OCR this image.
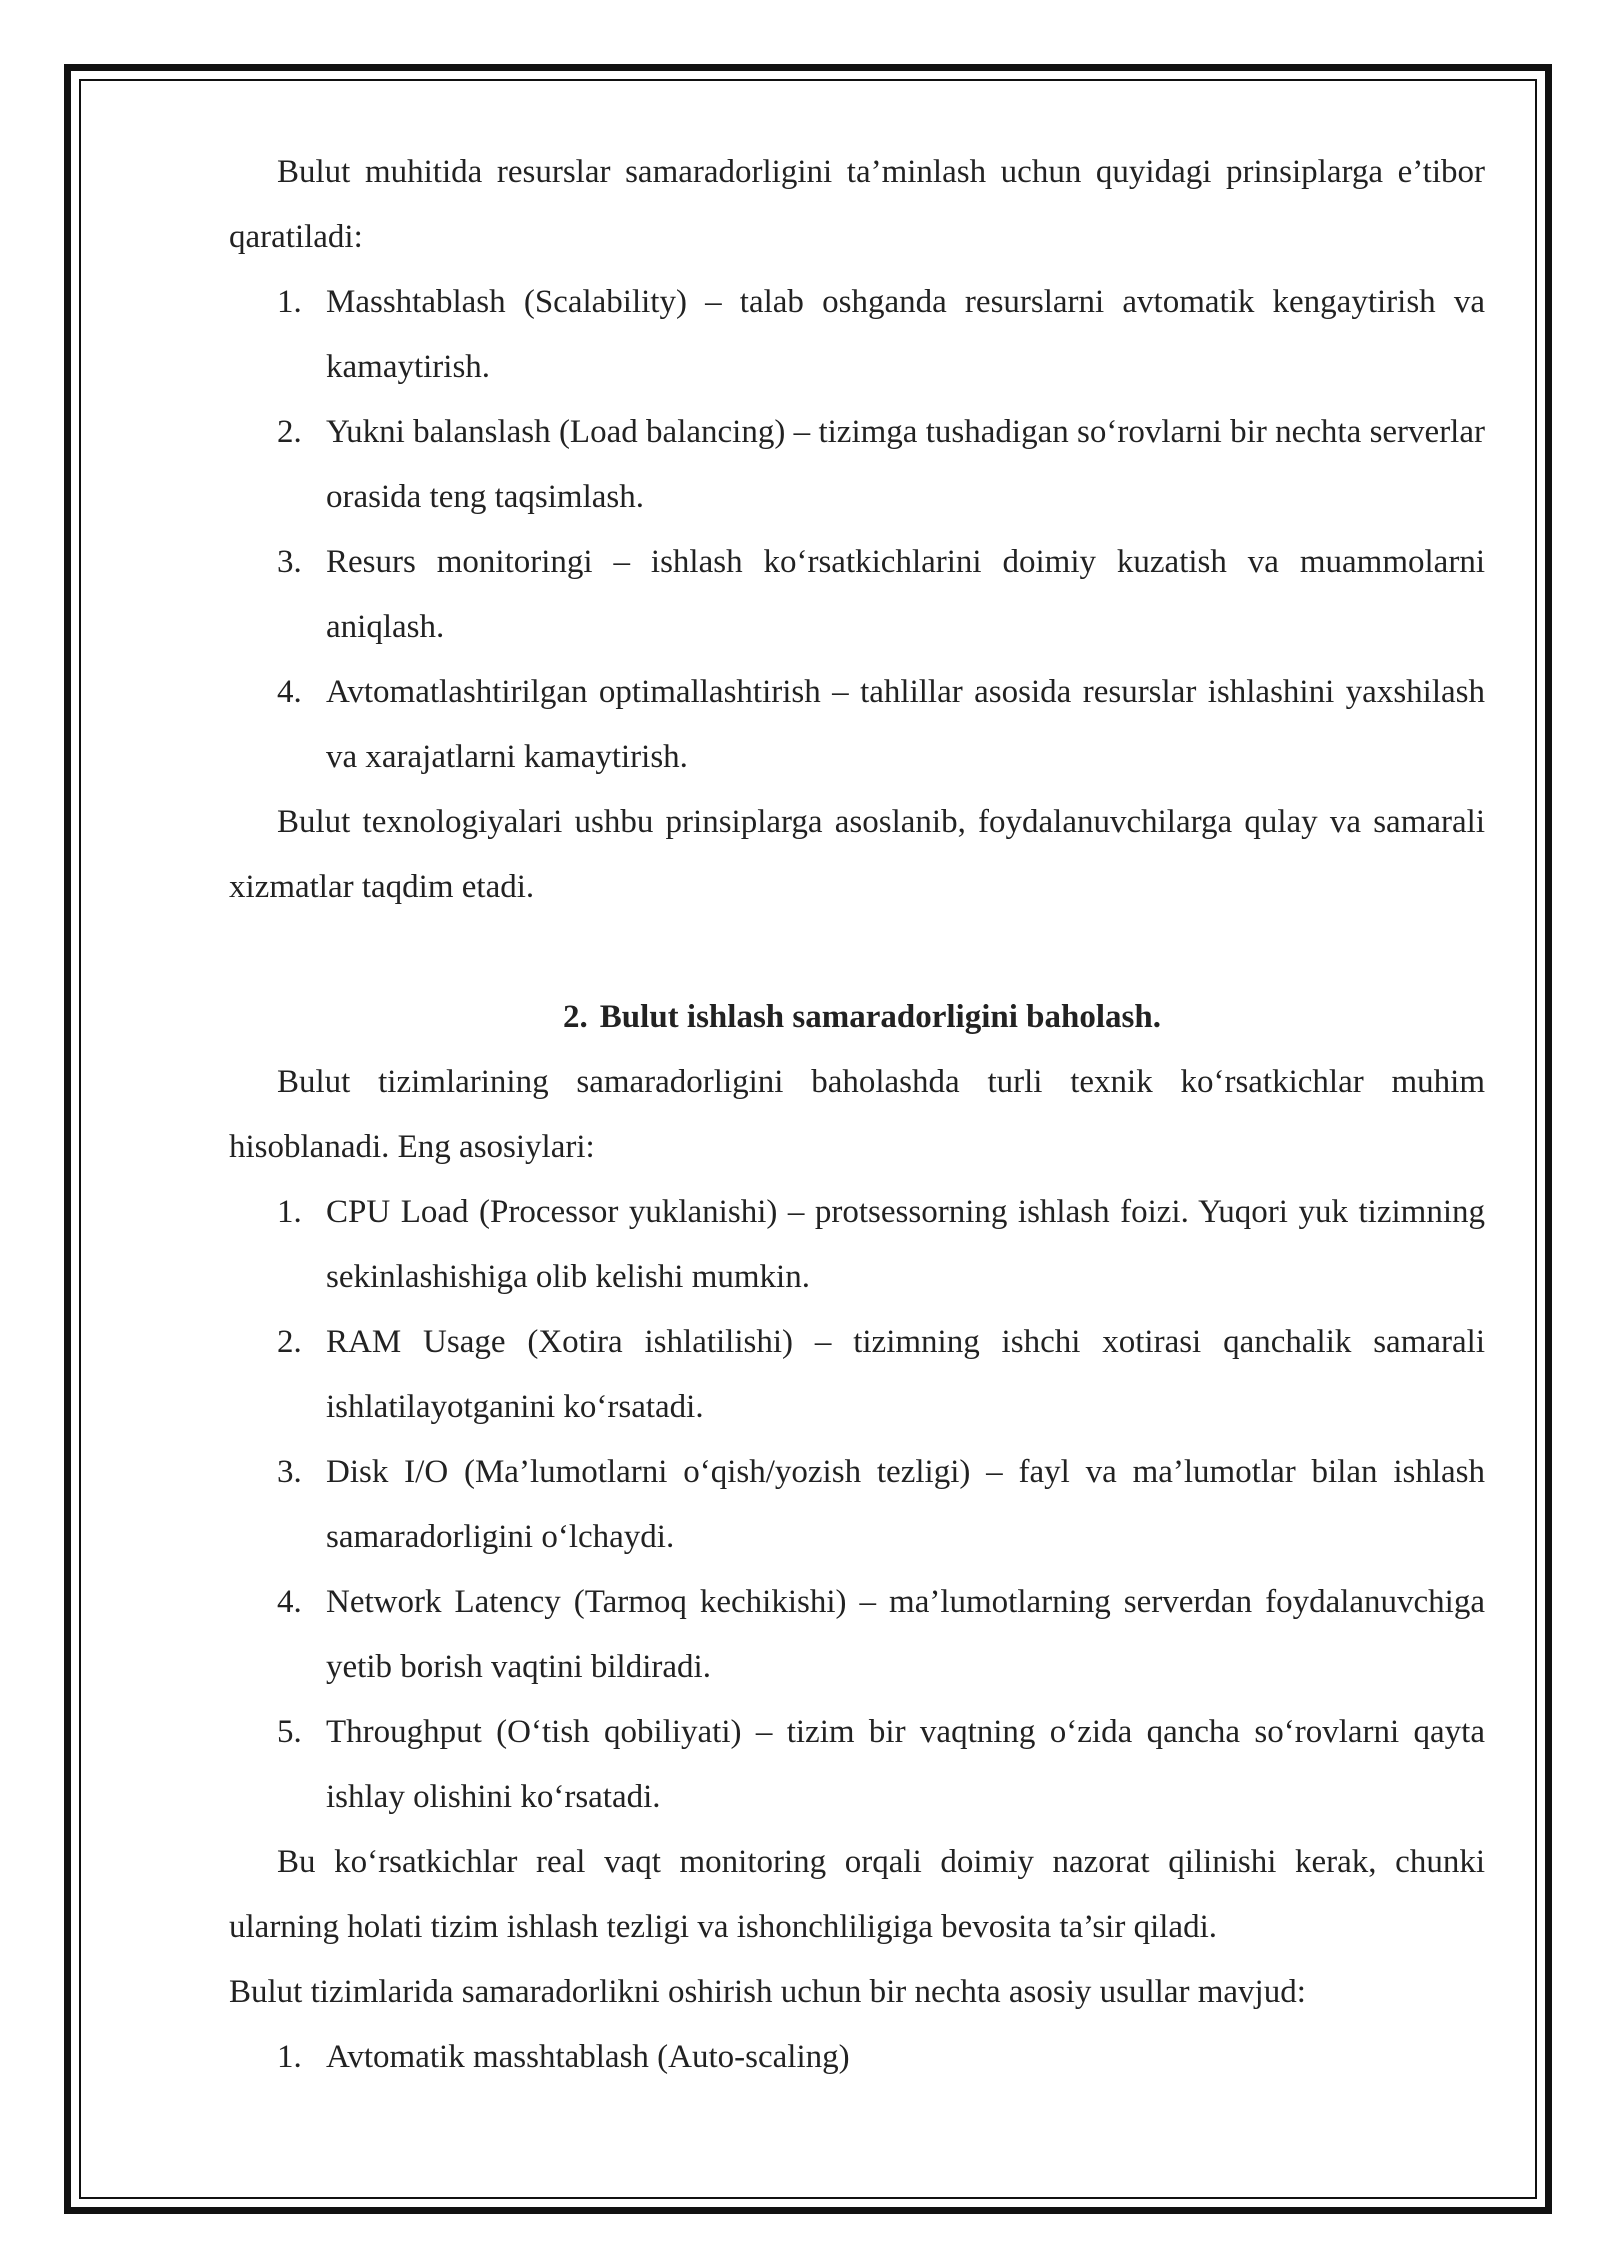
Bulut muhitida resurslar samaradorligini ta’minlash uchun quyidagi prinsiplarga e’tibor qaratiladi:

1. Masshtablash (Scalability) – talab oshganda resurslarni avtomatik kengaytirish va kamaytirish.
2. Yukni balanslash (Load balancing) – tizimga tushadigan so‘rovlarni bir nechta serverlar orasida teng taqsimlash.
3. Resurs monitoringi – ishlash ko‘rsatkichlarini doimiy kuzatish va muammolarni aniqlash.
4. Avtomatlashtirilgan optimallashtirish – tahlillar asosida resurslar ishlashini yaxshilash va xarajatlarni kamaytirish.

Bulut texnologiyalari ushbu prinsiplarga asoslanib, foydalanuvchilarga qulay va samarali xizmatlar taqdim etadi.

2. Bulut ishlash samaradorligini baholash.

Bulut tizimlarining samaradorligini baholashda turli texnik ko‘rsatkichlar muhim hisoblanadi. Eng asosiylari:

1. CPU Load (Processor yuklanishi) – protsessorning ishlash foizi. Yuqori yuk tizimning sekinlashishiga olib kelishi mumkin.
2. RAM Usage (Xotira ishlatilishi) – tizimning ishchi xotirasi qanchalik samarali ishlatilayotganini ko‘rsatadi.
3. Disk I/O (Ma’lumotlarni o‘qish/yozish tezligi) – fayl va ma’lumotlar bilan ishlash samaradorligini o‘lchaydi.
4. Network Latency (Tarmoq kechikishi) – ma’lumotlarning serverdan foydalanuvchiga yetib borish vaqtini bildiradi.
5. Throughput (O‘tish qobiliyati) – tizim bir vaqtning o‘zida qancha so‘rovlarni qayta ishlay olishini ko‘rsatadi.

Bu ko‘rsatkichlar real vaqt monitoring orqali doimiy nazorat qilinishi kerak, chunki ularning holati tizim ishlash tezligi va ishonchliligiga bevosita ta’sir qiladi.

Bulut tizimlarida samaradorlikni oshirish uchun bir nechta asosiy usullar mavjud:

1. Avtomatik masshtablash (Auto-scaling)
